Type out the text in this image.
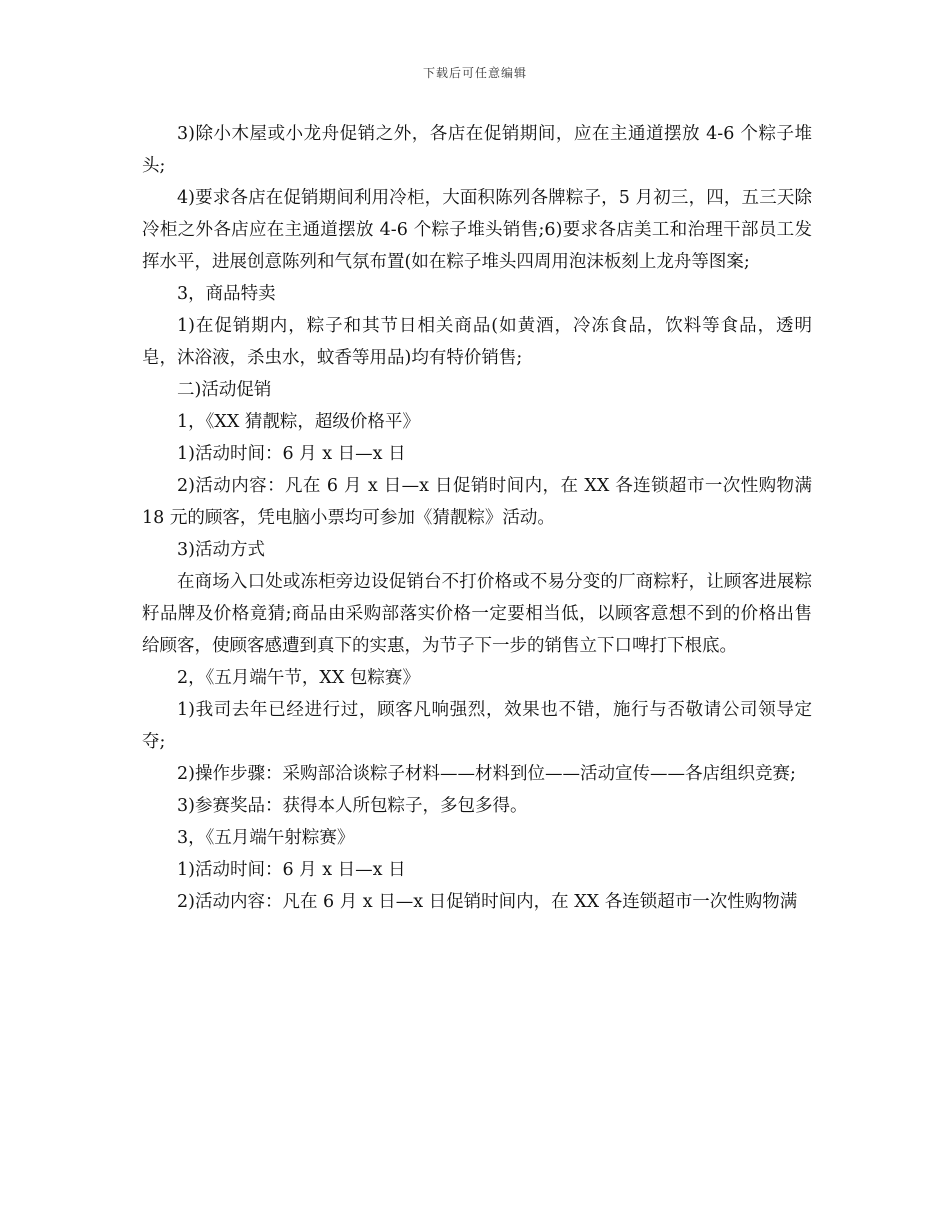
下载后可任意编辑

3)除小木屋或小龙舟促销之外，各店在促销期间，应在主通道摆放 4-6 个粽子堆头;

4)要求各店在促销期间利用冷柜，大面积陈列各牌粽子，5 月初三，四，五三天除冷柜之外各店应在主通道摆放 4-6 个粽子堆头销售;6)要求各店美工和治理干部员工发挥水平，进展创意陈列和气氛布置(如在粽子堆头四周用泡沫板刻上龙舟等图案;

3，商品特卖

1)在促销期内，粽子和其节日相关商品(如黄酒，冷冻食品，饮料等食品，透明皂，沐浴液，杀虫水，蚊香等用品)均有特价销售;

二)活动促销

1，《XX 猜靓粽，超级价格平》

1)活动时间：6 月 x 日—x 日

2)活动内容：凡在 6 月 x 日—x 日促销时间内，在 XX 各连锁超市一次性购物满 18 元的顾客，凭电脑小票均可参加《猜靓粽》活动。

3)活动方式

在商场入口处或冻柜旁边设促销台不打价格或不易分变的厂商粽籽，让顾客进展粽籽品牌及价格竟猜;商品由采购部落实价格一定要相当低，以顾客意想不到的价格出售给顾客，使顾客感遭到真下的实惠，为节子下一步的销售立下口啤打下根底。

2，《五月端午节，XX 包粽赛》

1)我司去年已经进行过，顾客凡响强烈，效果也不错，施行与否敬请公司领导定夺;

2)操作步骤：采购部洽谈粽子材料——材料到位——活动宣传——各店组织竞赛;

3)参赛奖品：获得本人所包粽子，多包多得。

3，《五月端午射粽赛》

1)活动时间：6 月 x 日—x 日

2)活动内容：凡在 6 月 x 日—x 日促销时间内，在 XX 各连锁超市一次性购物满
